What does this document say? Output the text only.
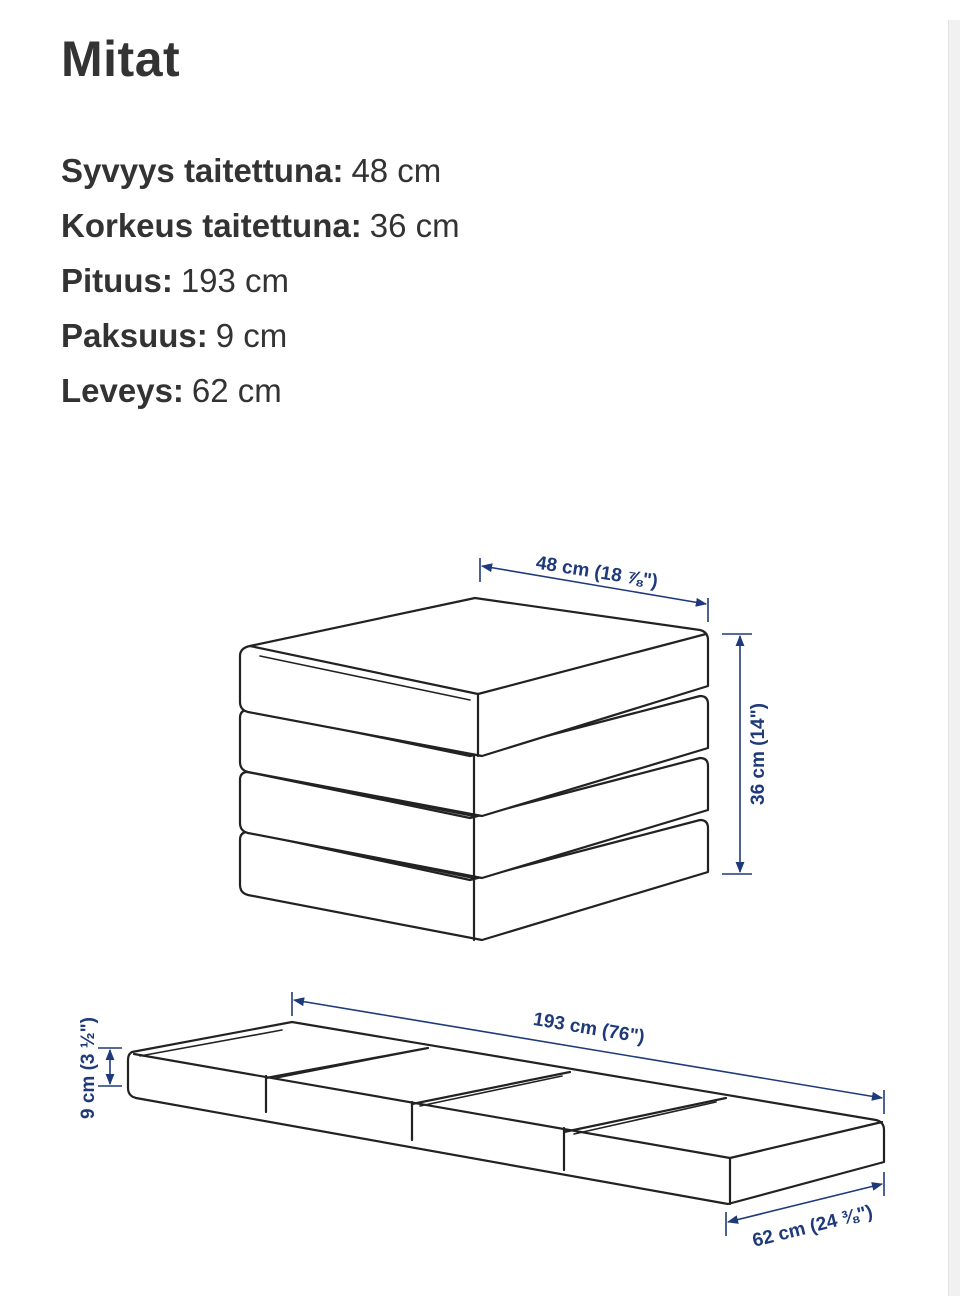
Mitat
Syvyys taitettuna: 48 cm
Korkeus taitettuna: 36 cm
Pituus: 193 cm
Paksuus: 9 cm
Leveys: 62 cm
48 cm (18 ⅞")
36 cm (14")
193 cm (76")
9 cm (3 ½")
62 cm (24 ⅜")
